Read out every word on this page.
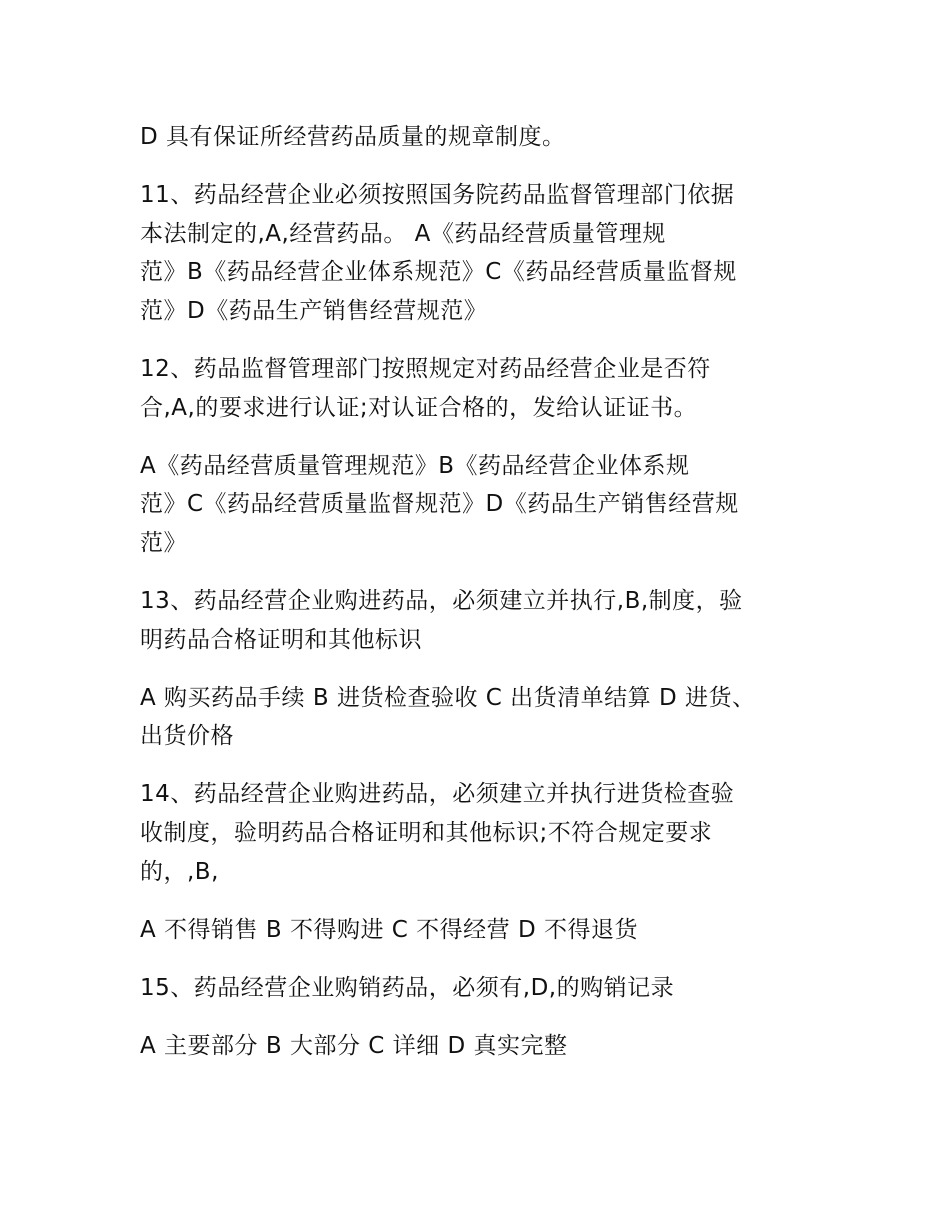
D 具有保证所经营药品质量的规章制度。
11、药品经营企业必须按照国务院药品监督管理部门依据
本法制定的,A,经营药品。 A《药品经营质量管理规
范》B《药品经营企业体系规范》C《药品经营质量监督规
范》D《药品生产销售经营规范》
12、药品监督管理部门按照规定对药品经营企业是否符
合,A,的要求进行认证;对认证合格的，发给认证证书。
A《药品经营质量管理规范》B《药品经营企业体系规
范》C《药品经营质量监督规范》D《药品生产销售经营规
范》
13、药品经营企业购进药品，必须建立并执行,B,制度，验
明药品合格证明和其他标识
A 购买药品手续 B 进货检查验收 C 出货清单结算 D 进货、
出货价格
14、药品经营企业购进药品，必须建立并执行进货检查验
收制度，验明药品合格证明和其他标识;不符合规定要求
的，,B,
A 不得销售 B 不得购进 C 不得经营 D 不得退货
15、药品经营企业购销药品，必须有,D,的购销记录
A 主要部分 B 大部分 C 详细 D 真实完整
